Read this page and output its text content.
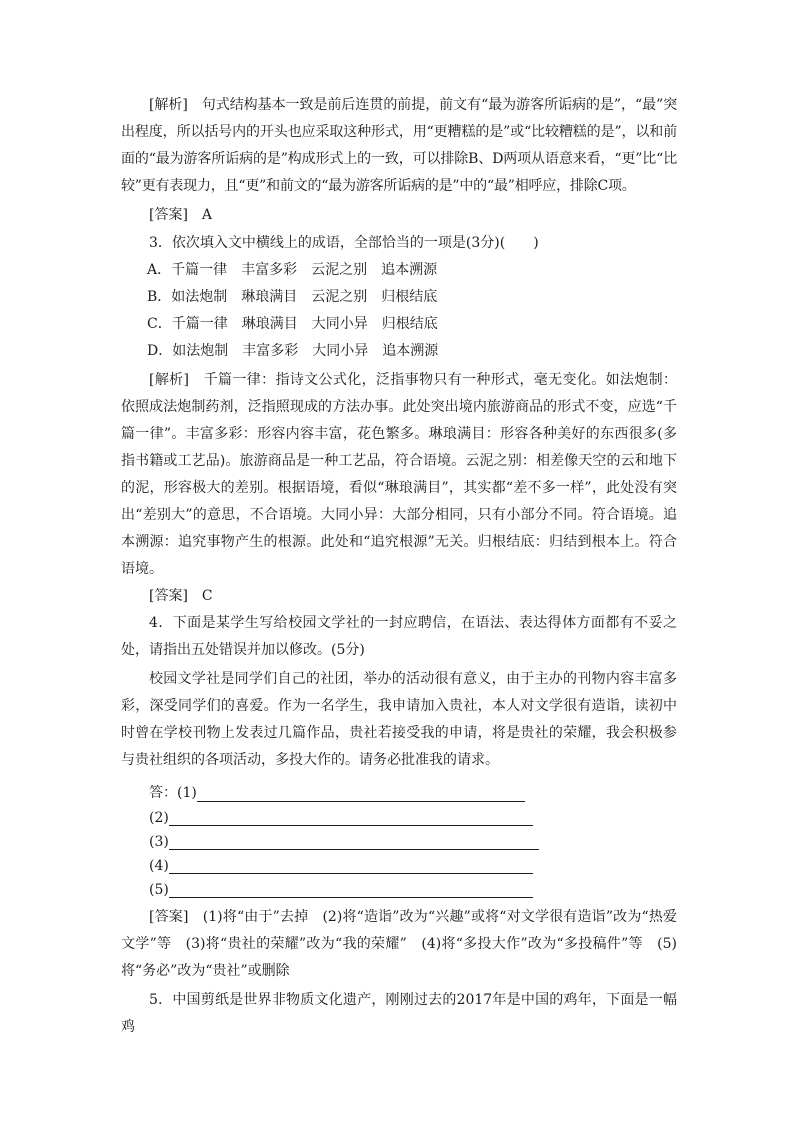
[解析]　句式结构基本一致是前后连贯的前提，前文有“最为游客所诟病的是”，“最”突出程度，所以括号内的开头也应采取这种形式，用“更糟糕的是”或“比较糟糕的是”，以和前面的“最为游客所诟病的是”构成形式上的一致，可以排除B、D两项从语意来看，“更”比“比较”更有表现力，且“更”和前文的“最为游客所诟病的是”中的“最”相呼应，排除C项。

[答案]　A

3．依次填入文中横线上的成语，全部恰当的一项是(3分)(　　)

A．千篇一律　丰富多彩　云泥之别　追本溯源

B．如法炮制　琳琅满目　云泥之别　归根结底

C．千篇一律　琳琅满目　大同小异　归根结底

D．如法炮制　丰富多彩　大同小异　追本溯源

[解析]　千篇一律：指诗文公式化，泛指事物只有一种形式，毫无变化。如法炮制：依照成法炮制药剂，泛指照现成的方法办事。此处突出境内旅游商品的形式不变，应选“千篇一律”。丰富多彩：形容内容丰富，花色繁多。琳琅满目：形容各种美好的东西很多(多指书籍或工艺品)。旅游商品是一种工艺品，符合语境。云泥之别：相差像天空的云和地下的泥，形容极大的差别。根据语境，看似“琳琅满目”，其实都“差不多一样”，此处没有突出“差别大”的意思，不合语境。大同小异：大部分相同，只有小部分不同。符合语境。追本溯源：追究事物产生的根源。此处和“追究根源”无关。归根结底：归结到根本上。符合语境。

[答案]　C

4．下面是某学生写给校园文学社的一封应聘信，在语法、表达得体方面都有不妥之处，请指出五处错误并加以修改。(5分)

校园文学社是同学们自己的社团，举办的活动很有意义，由于主办的刊物内容丰富多彩，深受同学们的喜爱。作为一名学生，我申请加入贵社，本人对文学很有造诣，读初中时曾在学校刊物上发表过几篇作品，贵社若接受我的申请，将是贵社的荣耀，我会积极参与贵社组织的各项活动，多投大作的。请务必批准我的请求。

答：(1)
(2)
(3)
(4)
(5)

[答案]　(1)将“由于”去掉　(2)将“造诣”改为“兴趣”或将“对文学很有造诣”改为“热爱文学”等　(3)将“贵社的荣耀”改为“我的荣耀”　(4)将“多投大作”改为“多投稿件”等　(5)将“务必”改为“贵社”或删除

5．中国剪纸是世界非物质文化遗产，刚刚过去的2017年是中国的鸡年，下面是一幅鸡
